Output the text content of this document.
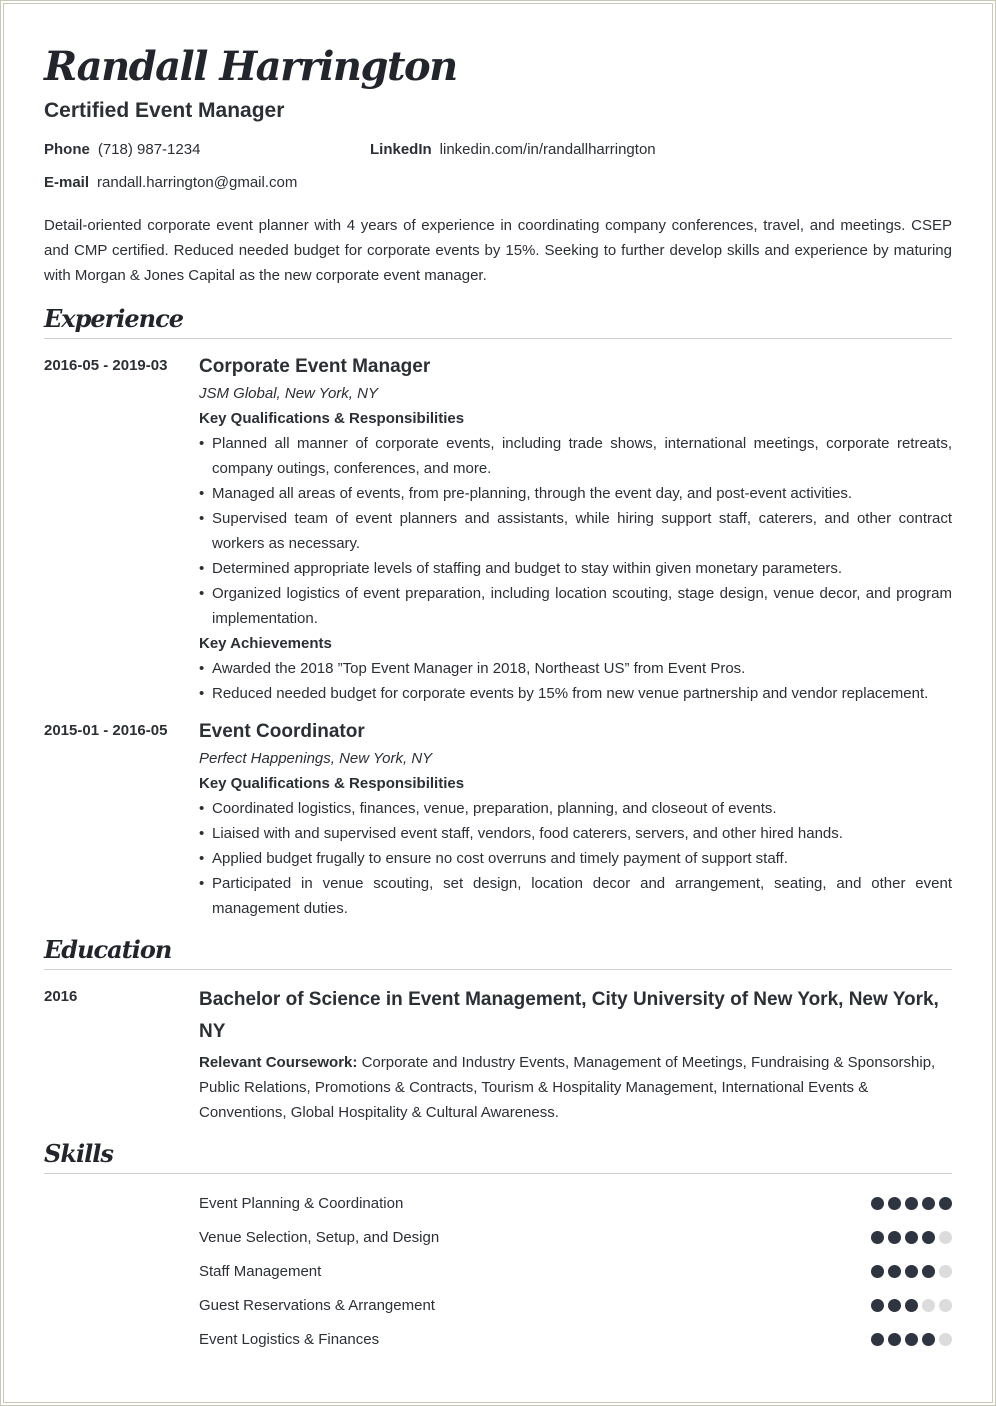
Randall Harrington
Certified Event Manager
Phone (718) 987-1234	LinkedIn linkedin.com/in/randallharrington
E-mail randall.harrington@gmail.com
Detail-oriented corporate event planner with 4 years of experience in coordinating company conferences, travel, and meetings. CSEP and CMP certified. Reduced needed budget for corporate events by 15%. Seeking to further develop skills and experience by maturing with Morgan & Jones Capital as the new corporate event manager.
Experience
2016-05 - 2019-03	Corporate Event Manager
JSM Global, New York, NY
Key Qualifications & Responsibilities
• Planned all manner of corporate events, including trade shows, international meetings, corporate retreats, company outings, conferences, and more.
• Managed all areas of events, from pre-planning, through the event day, and post-event activities.
• Supervised team of event planners and assistants, while hiring support staff, caterers, and other contract workers as necessary.
• Determined appropriate levels of staffing and budget to stay within given monetary parameters.
• Organized logistics of event preparation, including location scouting, stage design, venue decor, and program implementation.
Key Achievements
• Awarded the 2018 ”Top Event Manager in 2018, Northeast US” from Event Pros.
• Reduced needed budget for corporate events by 15% from new venue partnership and vendor replacement.
2015-01 - 2016-05	Event Coordinator
Perfect Happenings, New York, NY
Key Qualifications & Responsibilities
• Coordinated logistics, finances, venue, preparation, planning, and closeout of events.
• Liaised with and supervised event staff, vendors, food caterers, servers, and other hired hands.
• Applied budget frugally to ensure no cost overruns and timely payment of support staff.
• Participated in venue scouting, set design, location decor and arrangement, seating, and other event management duties.
Education
2016	Bachelor of Science in Event Management, City University of New York, New York, NY
Relevant Coursework: Corporate and Industry Events, Management of Meetings, Fundraising & Sponsorship, Public Relations, Promotions & Contracts, Tourism & Hospitality Management, International Events & Conventions, Global Hospitality & Cultural Awareness.
Skills
Event Planning & Coordination
Venue Selection, Setup, and Design
Staff Management
Guest Reservations & Arrangement
Event Logistics & Finances
